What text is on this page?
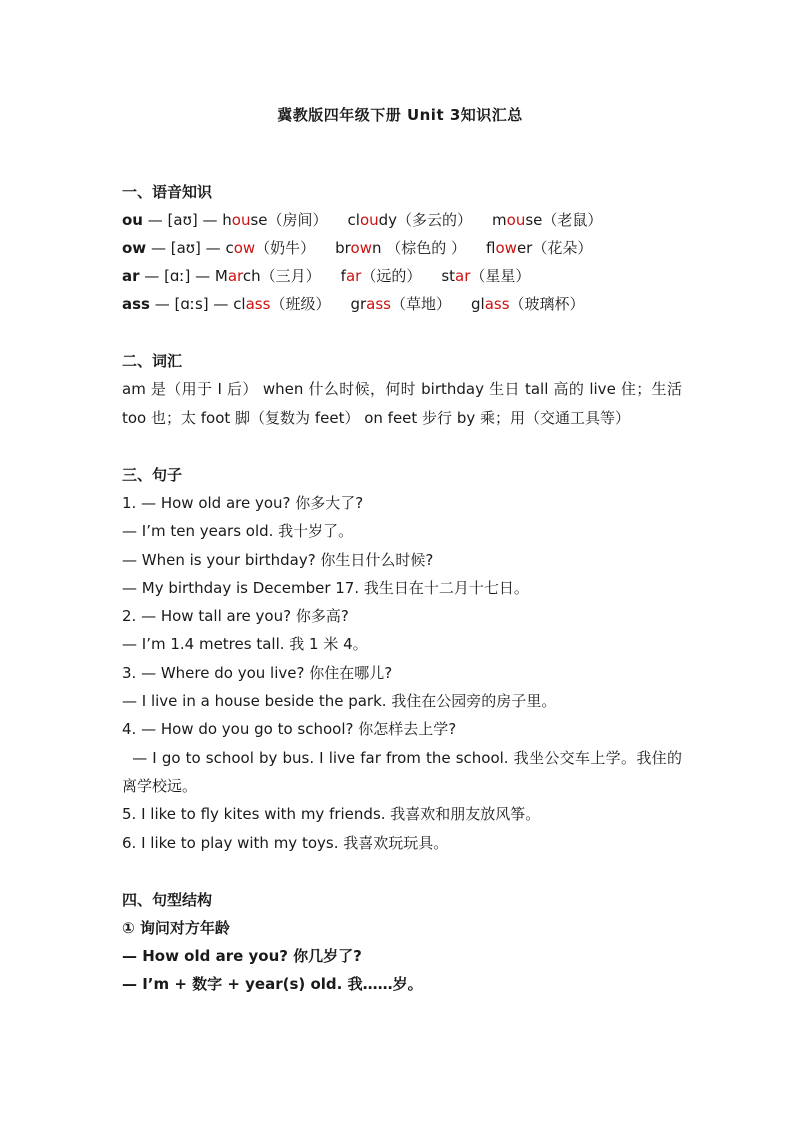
冀教版四年级下册 Unit 3知识汇总
一、语音知识
ou — [aʊ] — house（房间） cloudy（多云的） mouse（老鼠）
ow — [aʊ] — cow（奶牛） brown （棕色的 ） flower（花朵）
ar — [ɑː] — March（三月） far（远的） star（星星）
ass — [ɑːs] — class（班级） grass（草地） glass（玻璃杯）
二、词汇
am 是（用于 I 后） when 什么时候，何时 birthday 生日 tall 高的 live 住；生活 too 也；太 foot 脚（复数为 feet） on feet 步行 by 乘；用（交通工具等）
三、句子
1. — How old are you? 你多大了?
— I’m ten years old. 我十岁了。
— When is your birthday? 你生日什么时候?
— My birthday is December 17. 我生日在十二月十七日。
2. — How tall are you? 你多高?
— I’m 1.4 metres tall. 我 1 米 4。
3. — Where do you live? 你住在哪儿?
— I live in a house beside the park. 我住在公园旁的房子里。
4. — How do you go to school? 你怎样去上学?
— I go to school by bus. I live far from the school. 我坐公交车上学。我住的离学校远。
5. I like to fly kites with my friends. 我喜欢和朋友放风筝。
6. I like to play with my toys. 我喜欢玩玩具。
四、句型结构
① 询问对方年龄
— How old are you? 你几岁了?
— I’m + 数字 + year(s) old. 我……岁。
